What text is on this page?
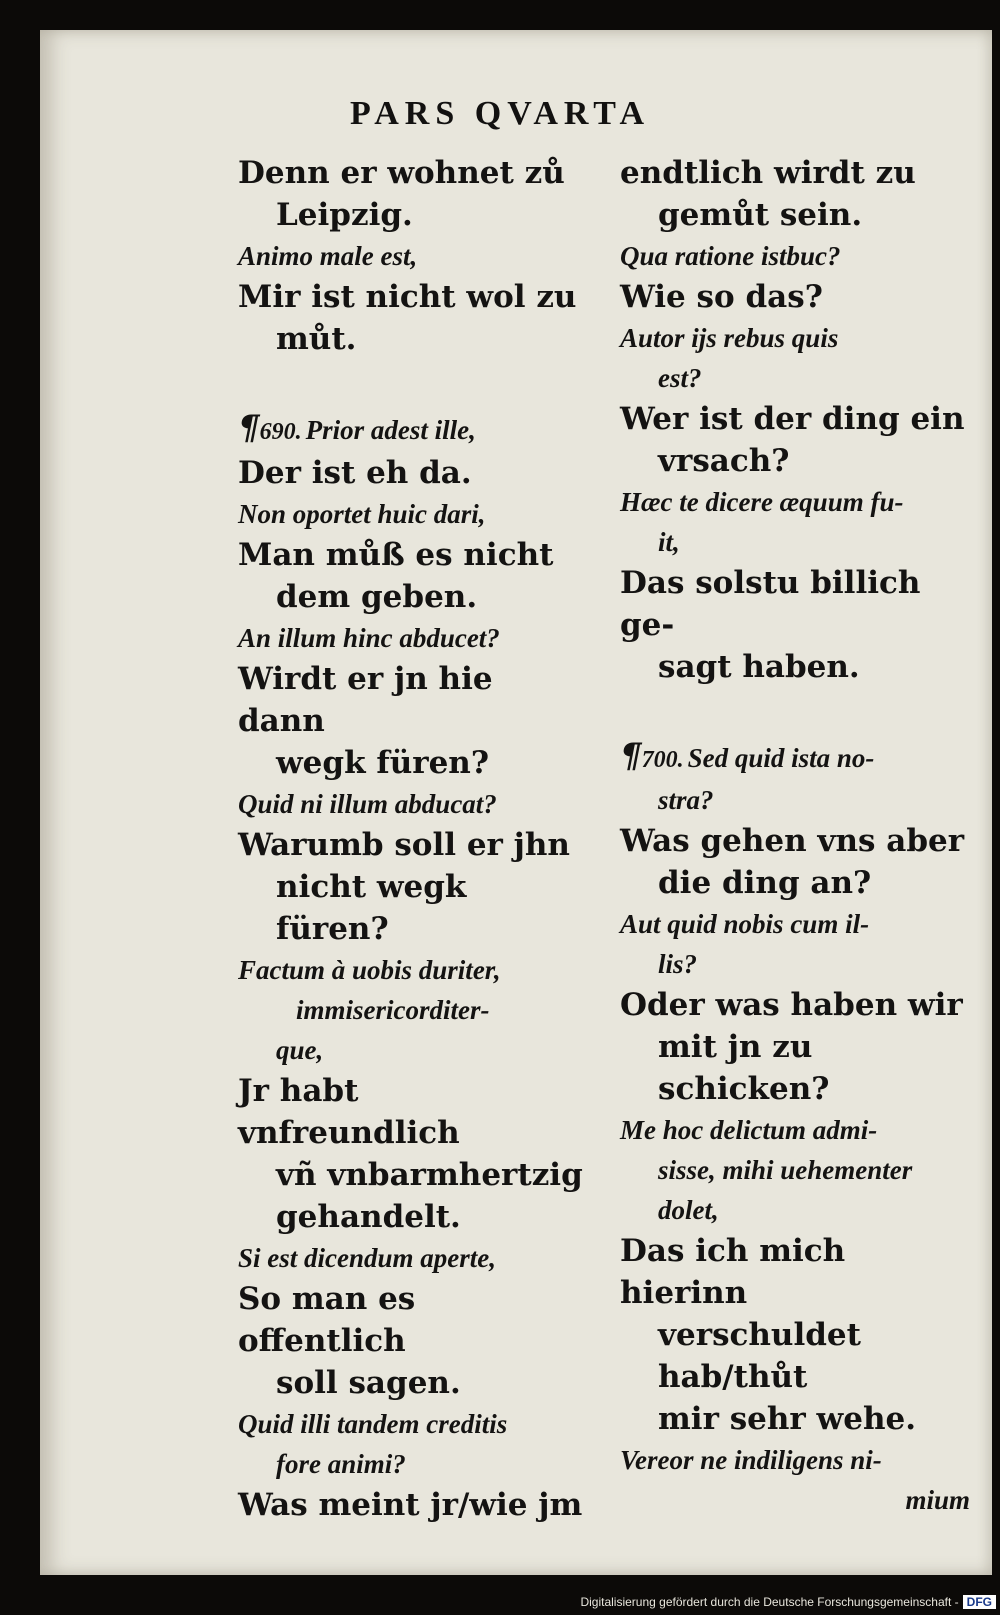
PARS QVARTA
Denn er wohnet zů
Leipzig.
Animo male est,
Mir ist nicht wol zu
můt.
¶690. Prior adest ille,
Der ist eh da.
Non oportet huic dari,
Man můß es nicht
dem geben.
An illum hinc abducet?
Wirdt er jn hie dann
wegk füren?
Quid ni illum abducat?
Warumb soll er jhn
nicht wegk füren?
Factum à uobis duriter,
immisericorditer-
que,
Jr habt vnfreundlich
vñ vnbarmhertzig
gehandelt.
Si est dicendum aperte,
So man es offentlich
soll sagen.
Quid illi tandem creditis
fore animi?
Was meint jr/wie jm
endtlich wirdt zu
gemůt sein.
Qua ratione istbuc?
Wie so das?
Autor ijs rebus quis
est?
Wer ist der ding ein
vrsach?
Hæc te dicere æquum fu-
it,
Das solstu billich ge-
sagt haben.
¶700. Sed quid ista no-
stra?
Was gehen vns aber
die ding an?
Aut quid nobis cum il-
lis?
Oder was haben wir
mit jn zu schicken?
Me hoc delictum admi-
sisse, mihi uehementer
dolet,
Das ich mich hierinn
verschuldet hab/thůt
mir sehr wehe.
Vereor ne indiligens ni-
mium
Digitalisierung gefördert durch die Deutsche Forschungsgemeinschaft - DFG
